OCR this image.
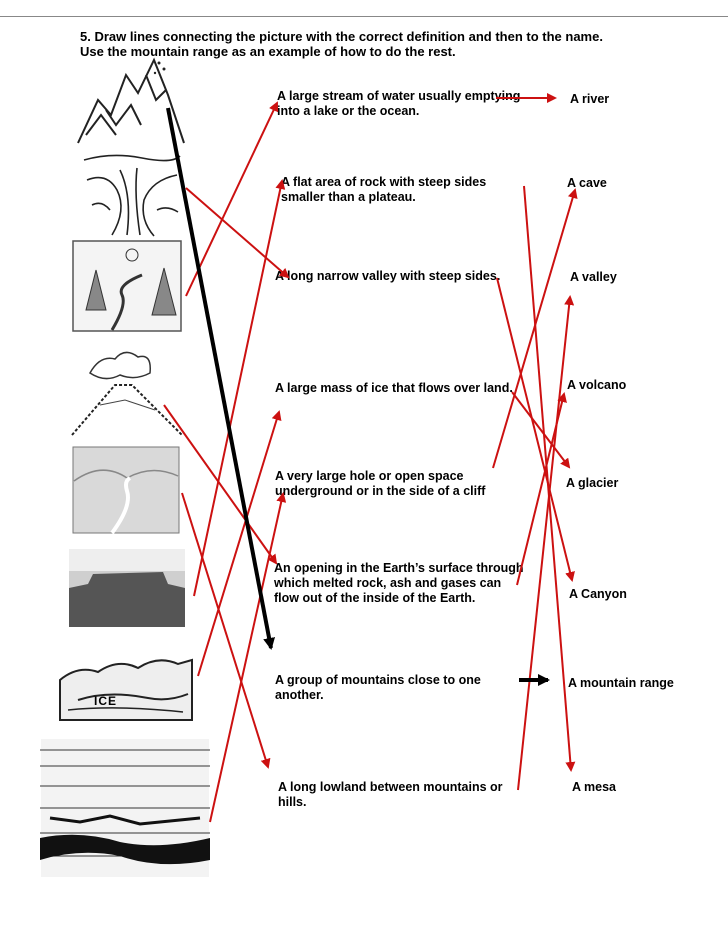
5. Draw lines connecting the picture with the correct definition and then to the name.
Use the mountain range as an example of how to do the rest.
ICE
A large stream of water usually emptying into a lake or the ocean.
A flat area of rock with steep sides smaller than a plateau.
A long narrow valley with steep sides.
A large mass of ice that flows over land.
A very large hole or open space underground or in the side of a cliff
An opening in the Earth’s surface through which melted rock, ash and gases can flow out of the inside of the Earth.
A group of mountains close to one another.
A long lowland between mountains or hills.
A river
A cave
A valley
A volcano
A glacier
A Canyon
A mountain range
A mesa
